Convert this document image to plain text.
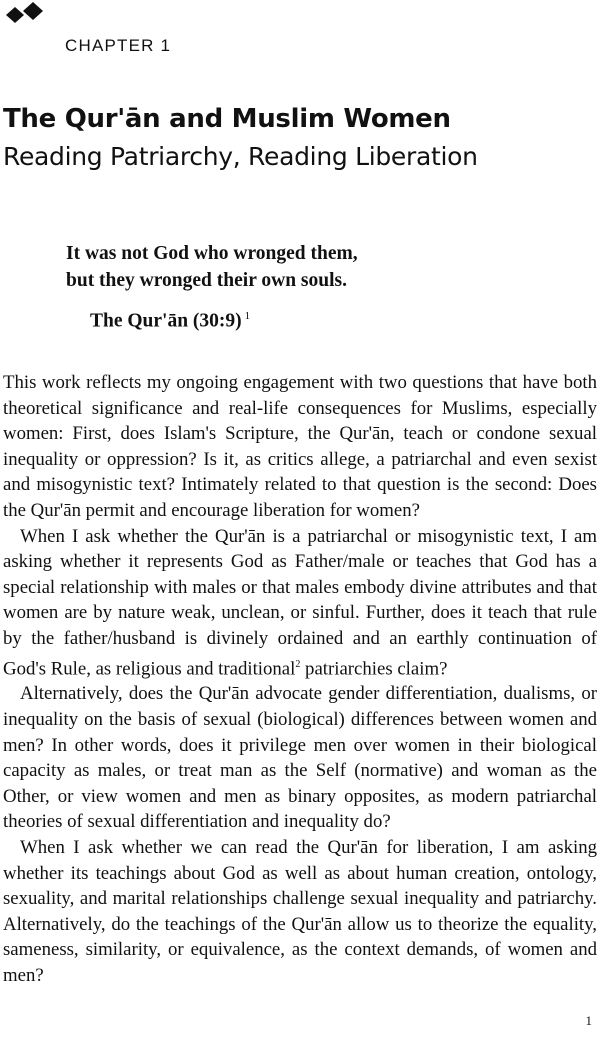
CHAPTER 1
The Qur'ān and Muslim Women
Reading Patriarchy, Reading Liberation
It was not God who wronged them,
but they wronged their own souls.
The Qur'ān (30:9) $^1$

This work reflects my ongoing engagement with two questions that have both theoretical significance and real-life consequences for Muslims, especially women: First, does Islam's Scripture, the Qur'ān, teach or condone sexual inequality or oppression? Is it, as critics allege, a patriarchal and even sexist and misogynistic text? Intimately related to that question is the second: Does the Qur'ān permit and encourage liberation for women?

When I ask whether the Qur'ān is a patriarchal or misogynistic text, I am asking whether it represents God as Father/male or teaches that God has a special relationship with males or that males embody divine attributes and that women are by nature weak, unclean, or sinful. Further, does it teach that rule by the father/husband is divinely ordained and an earthly continuation of God's Rule, as religious and traditional$^2$ patriarchies claim?

Alternatively, does the Qur'ān advocate gender differentiation, dualisms, or inequality on the basis of sexual (biological) differences between women and men? In other words, does it privilege men over women in their biological capacity as males, or treat man as the Self (normative) and woman as the Other, or view women and men as binary opposites, as modern patriarchal theories of sexual differentiation and inequality do?

When I ask whether we can read the Qur'ān for liberation, I am asking whether its teachings about God as well as about human creation, ontology, sexuality, and marital relationships challenge sexual inequality and patriarchy. Alternatively, do the teachings of the Qur'ān allow us to theorize the equality, sameness, similarity, or equivalence, as the context demands, of women and men?

1
